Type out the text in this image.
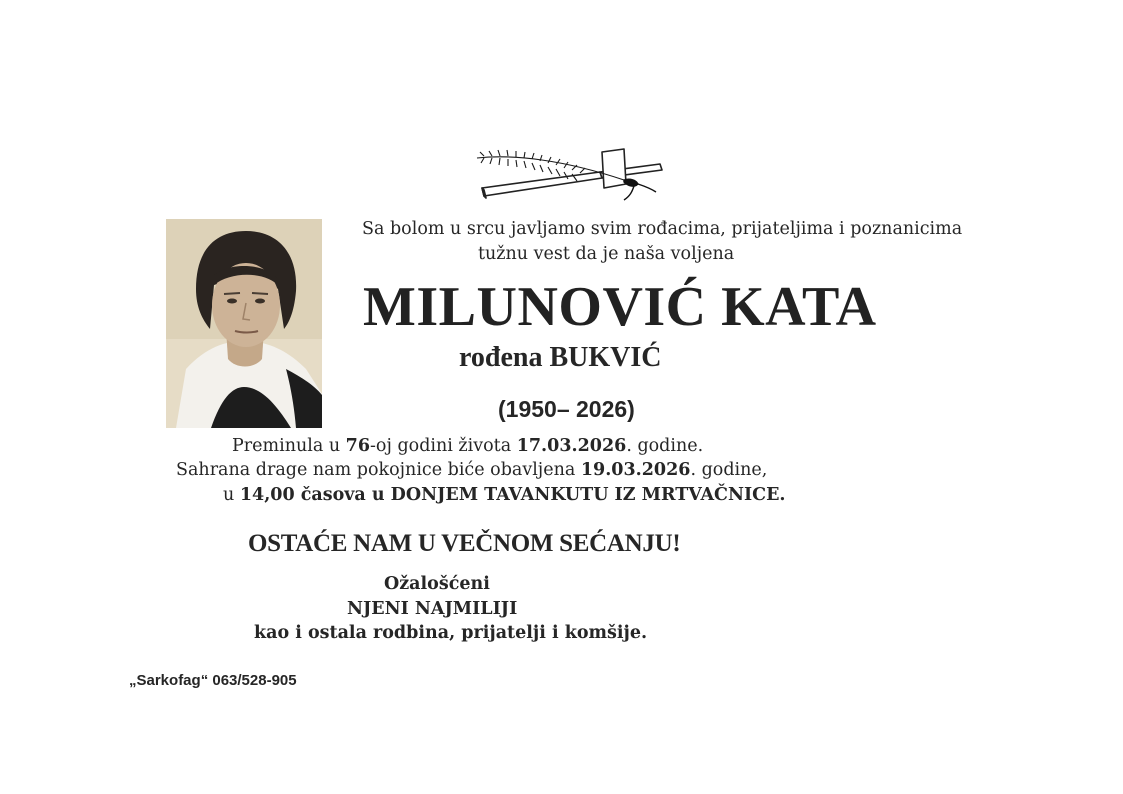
Sa bolom u srcu javljamo svim rođacima, prijateljima i poznanicima
tužnu vest da je naša voljena
MILUNOVIĆ KATA
rođena BUKVIĆ
(1950– 2026)
Preminula u 76-oj godini života 17.03.2026. godine.
Sahrana drage nam pokojnice biće obavljena 19.03.2026. godine,
u 14,00 časova u DONJEM TAVANKUTU IZ MRTVAČNICE.
OSTAĆE NAM U VEČNOM SEĆANJU!
Ožalošćeni
NJENI NAJMILIJI
kao i ostala rodbina, prijatelji i komšije.
„Sarkofag“ 063/528-905
